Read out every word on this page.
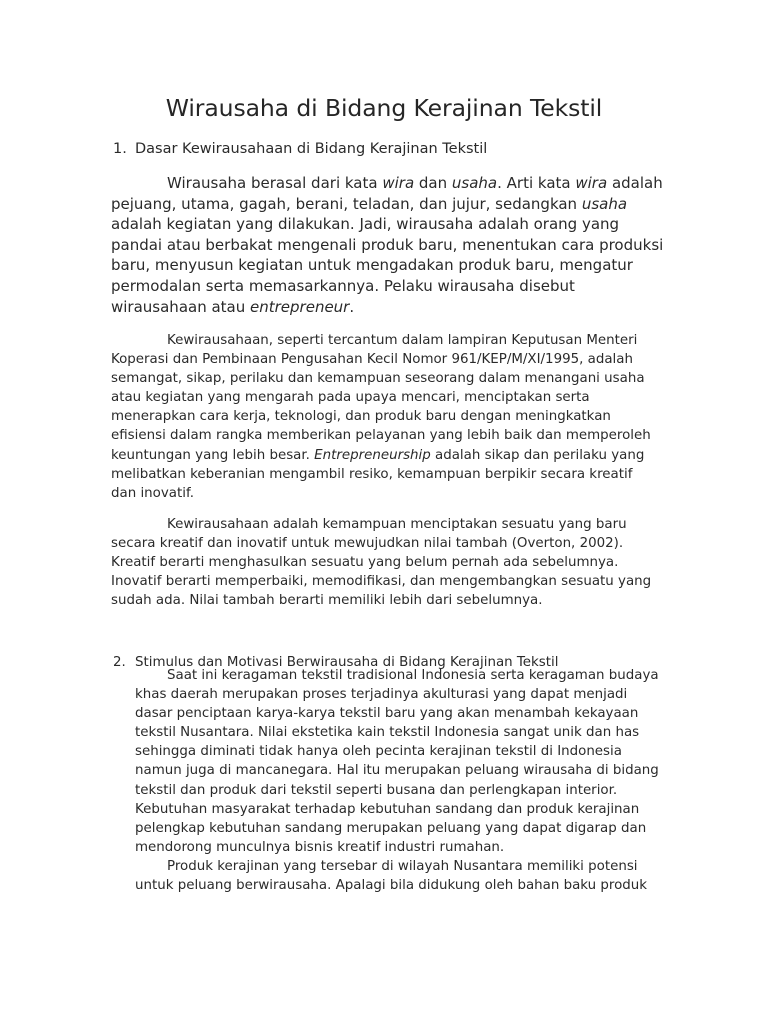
Wirausaha di Bidang Kerajinan Tekstil
1. Dasar Kewirausahaan di Bidang Kerajinan Tekstil
Wirausaha berasal dari kata wira dan usaha. Arti kata wira adalah
pejuang, utama, gagah, berani, teladan, dan jujur, sedangkan usaha
adalah kegiatan yang dilakukan. Jadi, wirausaha adalah orang yang
pandai atau berbakat mengenali produk baru, menentukan cara produksi
baru, menyusun kegiatan untuk mengadakan produk baru, mengatur
permodalan serta memasarkannya. Pelaku wirausaha disebut
wirausahaan atau entrepreneur.
Kewirausahaan, seperti tercantum dalam lampiran Keputusan Menteri
Koperasi dan Pembinaan Pengusahan Kecil Nomor 961/KEP/M/XI/1995, adalah
semangat, sikap, perilaku dan kemampuan seseorang dalam menangani usaha
atau kegiatan yang mengarah pada upaya mencari, menciptakan serta
menerapkan cara kerja, teknologi, dan produk baru dengan meningkatkan
efisiensi dalam rangka memberikan pelayanan yang lebih baik dan memperoleh
keuntungan yang lebih besar. Entrepreneurship adalah sikap dan perilaku yang
melibatkan keberanian mengambil resiko, kemampuan berpikir secara kreatif
dan inovatif.
Kewirausahaan adalah kemampuan menciptakan sesuatu yang baru
secara kreatif dan inovatif untuk mewujudkan nilai tambah (Overton, 2002).
Kreatif berarti menghasulkan sesuatu yang belum pernah ada sebelumnya.
Inovatif berarti memperbaiki, memodifikasi, dan mengembangkan sesuatu yang
sudah ada. Nilai tambah berarti memiliki lebih dari sebelumnya.
2. Stimulus dan Motivasi Berwirausaha di Bidang Kerajinan Tekstil
Saat ini keragaman tekstil tradisional Indonesia serta keragaman budaya
khas daerah merupakan proses terjadinya akulturasi yang dapat menjadi
dasar penciptaan karya-karya tekstil baru yang akan menambah kekayaan
tekstil Nusantara. Nilai ekstetika kain tekstil Indonesia sangat unik dan has
sehingga diminati tidak hanya oleh pecinta kerajinan tekstil di Indonesia
namun juga di mancanegara. Hal itu merupakan peluang wirausaha di bidang
tekstil dan produk dari tekstil seperti busana dan perlengkapan interior.
Kebutuhan masyarakat terhadap kebutuhan sandang dan produk kerajinan
pelengkap kebutuhan sandang merupakan peluang yang dapat digarap dan
mendorong munculnya bisnis kreatif industri rumahan.
Produk kerajinan yang tersebar di wilayah Nusantara memiliki potensi
untuk peluang berwirausaha. Apalagi bila didukung oleh bahan baku produk
